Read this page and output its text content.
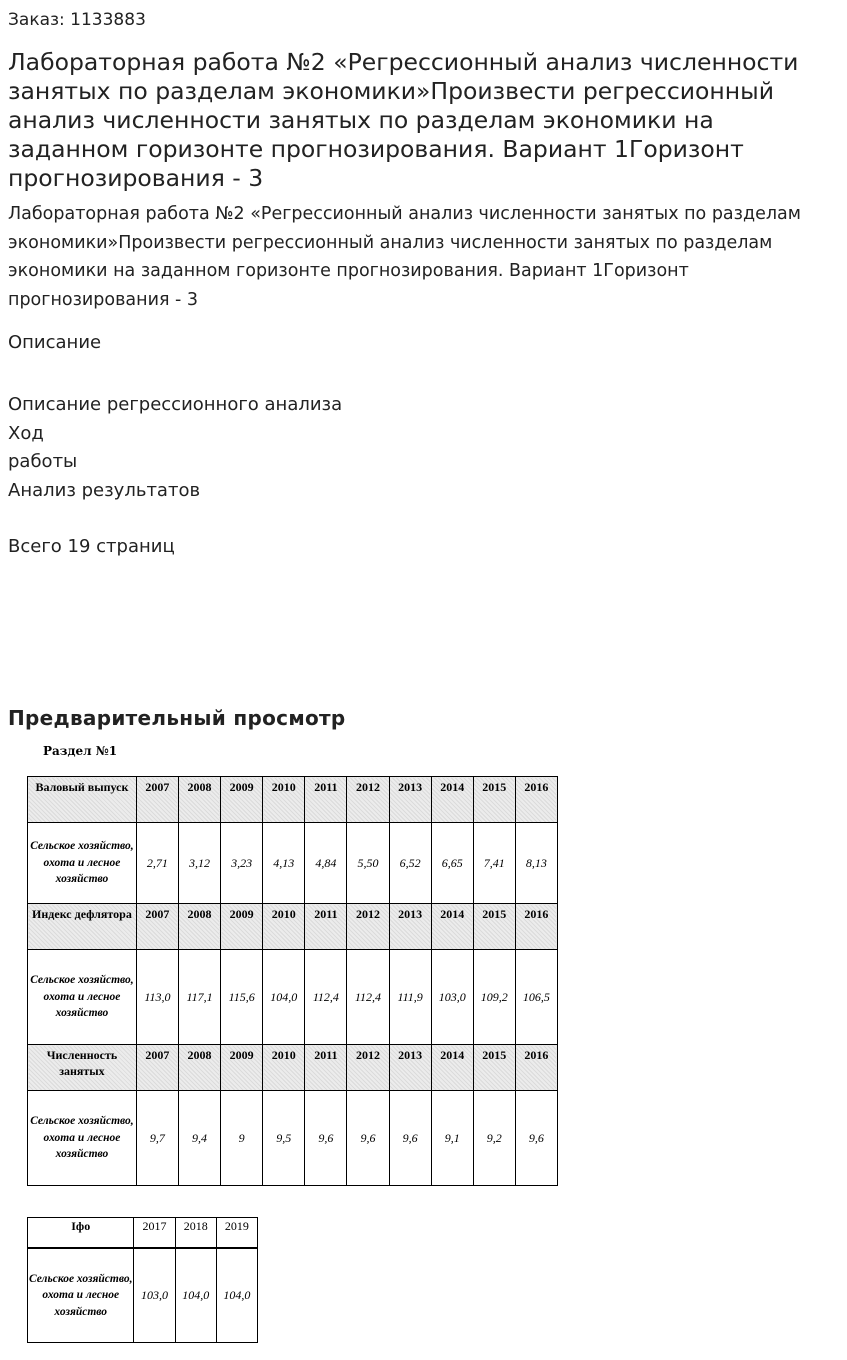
Заказ: 1133883
Лабораторная работа №2 «Регрессионный анализ численности занятых по разделам экономики»Произвести регрессионный анализ численности занятых по разделам экономики на заданном горизонте прогнозирования. Вариант 1Горизонт прогнозирования - 3

Лабораторная работа №2 «Регрессионный анализ численности занятых по разделам экономики»Произвести регрессионный анализ численности занятых по разделам экономики на заданном горизонте прогнозирования. Вариант 1Горизонт прогнозирования - 3

Описание
Описание регрессионного анализа
Ход
работы
Анализ результатов
Всего 19 страниц
Предварительный просмотр
Раздел №1
Валовый выпуск	2007	2008	2009	2010	2011	2012	2013	2014	2015	2016
Сельское хозяйство, охота и лесное хозяйство	2,71	3,12	3,23	4,13	4,84	5,50	6,52	6,65	7,41	8,13
Индекс дефлятора	2007	2008	2009	2010	2011	2012	2013	2014	2015	2016
Сельское хозяйство, охота и лесное хозяйство	113,0	117,1	115,6	104,0	112,4	112,4	111,9	103,0	109,2	106,5
Численность занятых	2007	2008	2009	2010	2011	2012	2013	2014	2015	2016
Сельское хозяйство, охота и лесное хозяйство	9,7	9,4	9	9,5	9,6	9,6	9,6	9,1	9,2	9,6
Iфо	2017	2018	2019
Сельское хозяйство, охота и лесное хозяйство	103,0	104,0	104,0
